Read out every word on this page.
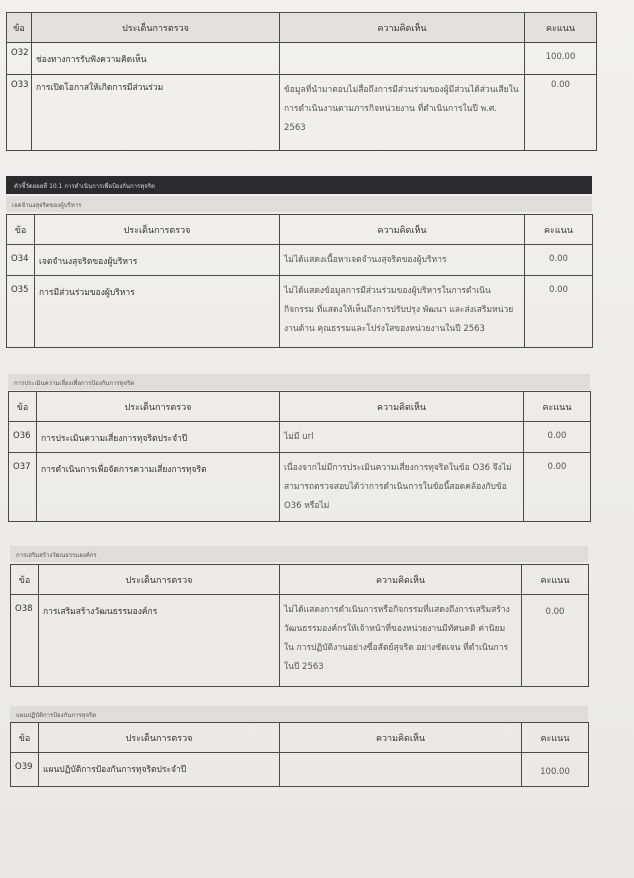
ข้อ	ประเด็นการตรวจ	ความคิดเห็น	คะแนน
O32	ช่องทางการรับฟังความคิดเห็น		100.00
O33	การเปิดโอกาสให้เกิดการมีส่วนร่วม	ข้อมูลที่นำมาตอบไม่สื่อถึงการมีส่วนร่วมของผู้มีส่วนได้ส่วนเสียใน การดำเนินงานตามภารกิจหน่วยงาน ที่ดำเนินการในปี พ.ศ. 2563	0.00
ตัวชี้วัดย่อยที่ 10.1 การดำเนินการเพื่อป้องกันการทุจริต
เจตจำนงสุจริตของผู้บริหาร
ข้อ	ประเด็นการตรวจ	ความคิดเห็น	คะแนน
O34	เจตจำนงสุจริตของผู้บริหาร	ไม่ได้แสดงเนื้อหาเจตจำนงสุจริตของผู้บริหาร	0.00
O35	การมีส่วนร่วมของผู้บริหาร	ไม่ได้แสดงข้อมูลการมีส่วนร่วมของผู้บริหารในการดำเนินกิจกรรม ที่แสดงให้เห็นถึงการปรับปรุง พัฒนา และส่งเสริมหน่วยงานด้าน คุณธรรมและโปร่งใสของหน่วยงานในปี 2563	0.00
การประเมินความเสี่ยงเพื่อการป้องกันการทุจริต
ข้อ	ประเด็นการตรวจ	ความคิดเห็น	คะแนน
O36	การประเมินความเสี่ยงการทุจริตประจำปี	ไม่มี url	0.00
O37	การดำเนินการเพื่อจัดการความเสี่ยงการทุจริต	เนื่องจากไม่มีการประเมินความเสี่ยงการทุจริตในข้อ O36 จึงไม่ สามารถตรวจสอบได้ว่าการดำเนินการในข้อนี้สอดคล้องกับข้อ O36 หรือไม่	0.00
การเสริมสร้างวัฒนธรรมองค์กร
ข้อ	ประเด็นการตรวจ	ความคิดเห็น	คะแนน
O38	การเสริมสร้างวัฒนธรรมองค์กร	ไม่ได้แสดงการดำเนินการหรือกิจกรรมที่แสดงถึงการเสริมสร้าง วัฒนธรรมองค์กรให้เจ้าหน้าที่ของหน่วยงานมีทัศนคติ ค่านิยม ใน การปฏิบัติงานอย่างซื่อสัตย์สุจริต อย่างชัดเจน ที่ดำเนินการในปี 2563	0.00
แผนปฏิบัติการป้องกันการทุจริต
ข้อ	ประเด็นการตรวจ	ความคิดเห็น	คะแนน
O39	แผนปฏิบัติการป้องกันการทุจริตประจำปี		100.00
